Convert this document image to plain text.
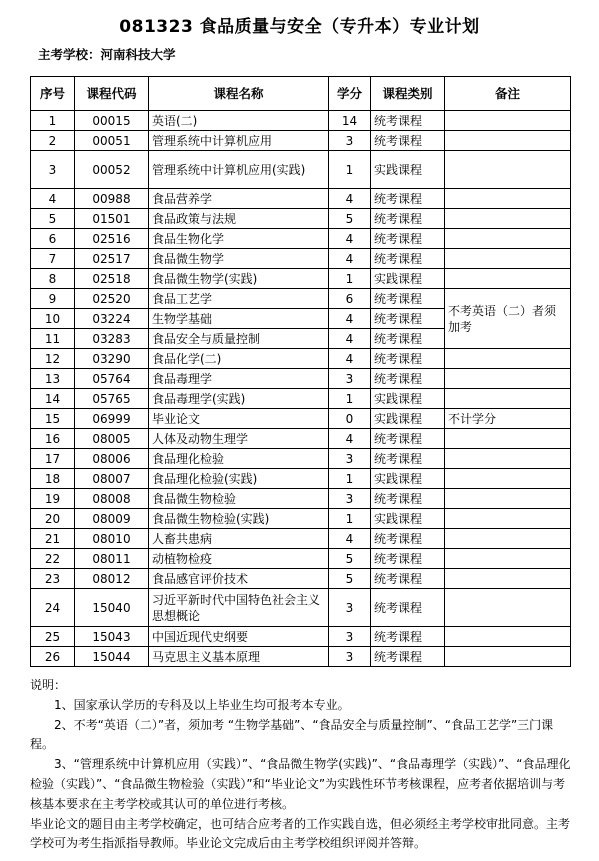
081323 食品质量与安全（专升本）专业计划
主考学校：河南科技大学
序号	课程代码	课程名称	学分	课程类别	备注
1	00015	英语(二)	14	统考课程	
2	00051	管理系统中计算机应用	3	统考课程	
3	00052	管理系统中计算机应用(实践)	1	实践课程	
4	00988	食品营养学	4	统考课程	
5	01501	食品政策与法规	5	统考课程	
6	02516	食品生物化学	4	统考课程	
7	02517	食品微生物学	4	统考课程	
8	02518	食品微生物学(实践)	1	实践课程	
9	02520	食品工艺学	6	统考课程	不考英语（二）者须加考
10	03224	生物学基础	4	统考课程	
11	03283	食品安全与质量控制	4	统考课程	
12	03290	食品化学(二)	4	统考课程	
13	05764	食品毒理学	3	统考课程	
14	05765	食品毒理学(实践)	1	实践课程	
15	06999	毕业论文	0	实践课程	不计学分
16	08005	人体及动物生理学	4	统考课程	
17	08006	食品理化检验	3	统考课程	
18	08007	食品理化检验(实践)	1	实践课程	
19	08008	食品微生物检验	3	统考课程	
20	08009	食品微生物检验(实践)	1	实践课程	
21	08010	人畜共患病	4	统考课程	
22	08011	动植物检疫	5	统考课程	
23	08012	食品感官评价技术	5	统考课程	
24	15040	习近平新时代中国特色社会主义思想概论	3	统考课程	
25	15043	中国近现代史纲要	3	统考课程	
26	15044	马克思主义基本原理	3	统考课程	

说明：

1、国家承认学历的专科及以上毕业生均可报考本专业。

2、不考“英语（二）”者，须加考 “生物学基础”、“食品安全与质量控制”、“食品工艺学”三门课程。

3、“管理系统中计算机应用（实践）”、“食品微生物学(实践)”、“食品毒理学（实践）”、“食品理化检验（实践）”、“食品微生物检验（实践）”和“毕业论文”为实践性环节考核课程，应考者依据培训与考核基本要求在主考学校或其认可的单位进行考核。

毕业论文的题目由主考学校确定，也可结合应考者的工作实践自选，但必须经主考学校审批同意。主考学校可为考生指派指导教师。毕业论文完成后由主考学校组织评阅并答辩。
